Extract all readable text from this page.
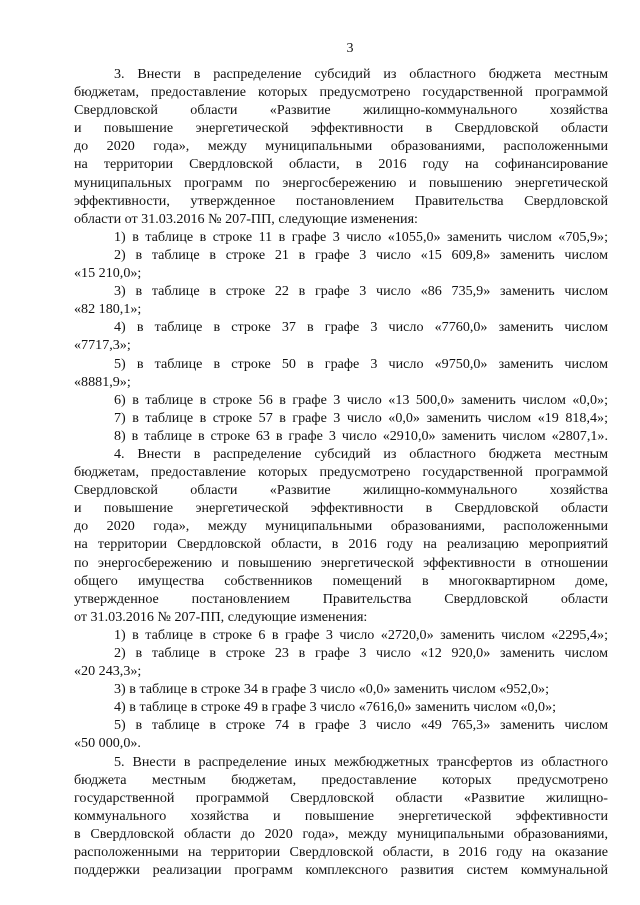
3
3. Внести в распределение субсидий из областного бюджета местным
бюджетам, предоставление которых предусмотрено государственной программой
Свердловской области «Развитие жилищно-коммунального хозяйства
и повышение энергетической эффективности в Свердловской области
до 2020 года», между муниципальными образованиями, расположенными
на территории Свердловской области, в 2016 году на софинансирование
муниципальных программ по энергосбережению и повышению энергетической
эффективности, утвержденное постановлением Правительства Свердловской
области от 31.03.2016 № 207-ПП, следующие изменения:
1) в таблице в строке 11 в графе 3 число «1055,0» заменить числом «705,9»;
2) в таблице в строке 21 в графе 3 число «15 609,8» заменить числом
«15 210,0»;
3) в таблице в строке 22 в графе 3 число «86 735,9» заменить числом
«82 180,1»;
4) в таблице в строке 37 в графе 3 число «7760,0» заменить числом
«7717,3»;
5) в таблице в строке 50 в графе 3 число «9750,0» заменить числом
«8881,9»;
6) в таблице в строке 56 в графе 3 число «13 500,0» заменить числом «0,0»;
7) в таблице в строке 57 в графе 3 число «0,0» заменить числом «19 818,4»;
8) в таблице в строке 63 в графе 3 число «2910,0» заменить числом «2807,1».
4. Внести в распределение субсидий из областного бюджета местным
бюджетам, предоставление которых предусмотрено государственной программой
Свердловской области «Развитие жилищно-коммунального хозяйства
и повышение энергетической эффективности в Свердловской области
до 2020 года», между муниципальными образованиями, расположенными
на территории Свердловской области, в 2016 году на реализацию мероприятий
по энергосбережению и повышению энергетической эффективности в отношении
общего имущества собственников помещений в многоквартирном доме,
утвержденное постановлением Правительства Свердловской области
от 31.03.2016 № 207-ПП, следующие изменения:
1) в таблице в строке 6 в графе 3 число «2720,0» заменить числом «2295,4»;
2) в таблице в строке 23 в графе 3 число «12 920,0» заменить числом
«20 243,3»;
3) в таблице в строке 34 в графе 3 число «0,0» заменить числом «952,0»;
4) в таблице в строке 49 в графе 3 число «7616,0» заменить числом «0,0»;
5) в таблице в строке 74 в графе 3 число «49 765,3» заменить числом
«50 000,0».
5. Внести в распределение иных межбюджетных трансфертов из областного
бюджета местным бюджетам, предоставление которых предусмотрено
государственной программой Свердловской области «Развитие жилищно-
коммунального хозяйства и повышение энергетической эффективности
в Свердловской области до 2020 года», между муниципальными образованиями,
расположенными на территории Свердловской области, в 2016 году на оказание
поддержки реализации программ комплексного развития систем коммунальной
